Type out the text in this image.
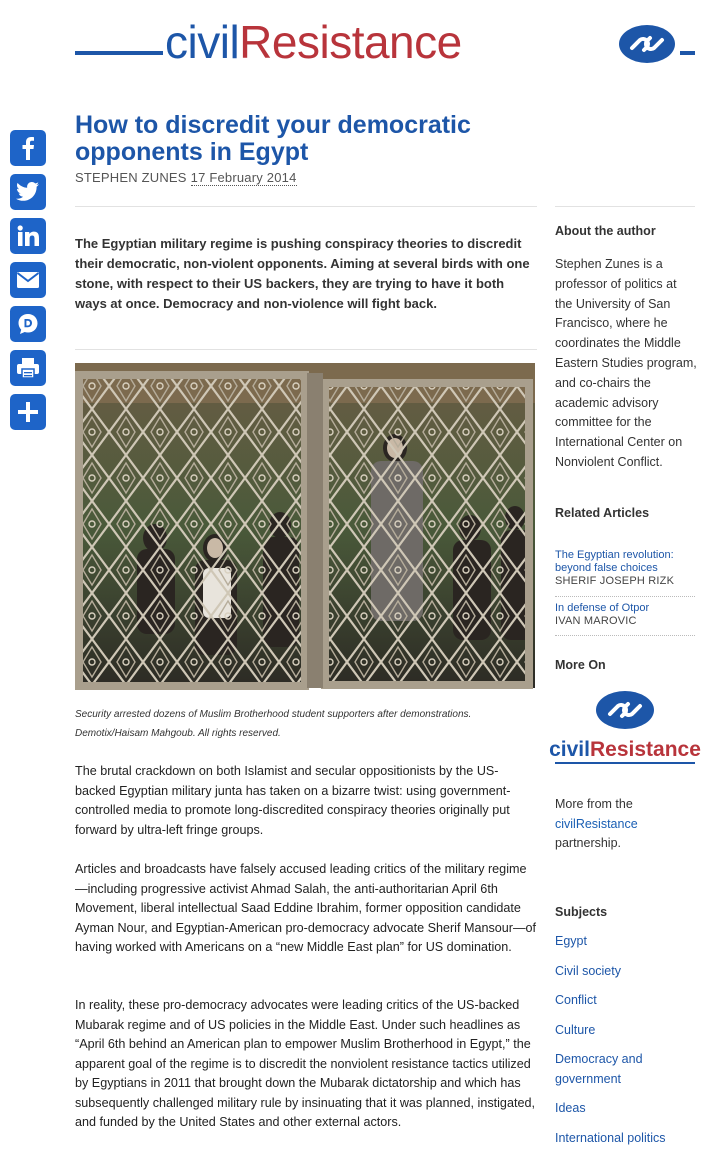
civilResistance
How to discredit your democratic opponents in Egypt
STEPHEN ZUNES 17 February 2014

The Egyptian military regime is pushing conspiracy theories to discredit their democratic, non-violent opponents. Aiming at several birds with one stone, with respect to their US backers, they are trying to have it both ways at once. Democracy and non-violence will fight back.

Security arrested dozens of Muslim Brotherhood student supporters after demonstrations. Demotix/Haisam Mahgoub. All rights reserved.

The brutal crackdown on both Islamist and secular oppositionists by the US-backed Egyptian military junta has taken on a bizarre twist: using government-controlled media to promote long-discredited conspiracy theories originally put forward by ultra-left fringe groups.

Articles and broadcasts have falsely accused leading critics of the military regime—including progressive activist Ahmad Salah, the anti-authoritarian April 6th Movement, liberal intellectual Saad Eddine Ibrahim, former opposition candidate Ayman Nour, and Egyptian-American pro-democracy advocate Sherif Mansour—of having worked with Americans on a “new Middle East plan” for US domination.

In reality, these pro-democracy advocates were leading critics of the US-backed Mubarak regime and of US policies in the Middle East. Under such headlines as “April 6th behind an American plan to empower Muslim Brotherhood in Egypt,” the apparent goal of the regime is to discredit the nonviolent resistance tactics utilized by Egyptians in 2011 that brought down the Mubarak dictatorship and which has subsequently challenged military rule by insinuating that it was planned, instigated, and funded by the United States and other external actors.

About the author

Stephen Zunes is a professor of politics at the University of San Francisco, where he coordinates the Middle Eastern Studies program, and co-chairs the academic advisory committee for the International Center on Nonviolent Conflict.

Related Articles
The Egyptian revolution: beyond false choices
SHERIF JOSEPH RIZK
In defense of Otpor
IVAN MAROVIC
More On
civilResistance

More from the
civilResistance
partnership.

Subjects
Egypt
Civil society
Conflict
Culture
Democracy and government
Ideas
International politics
